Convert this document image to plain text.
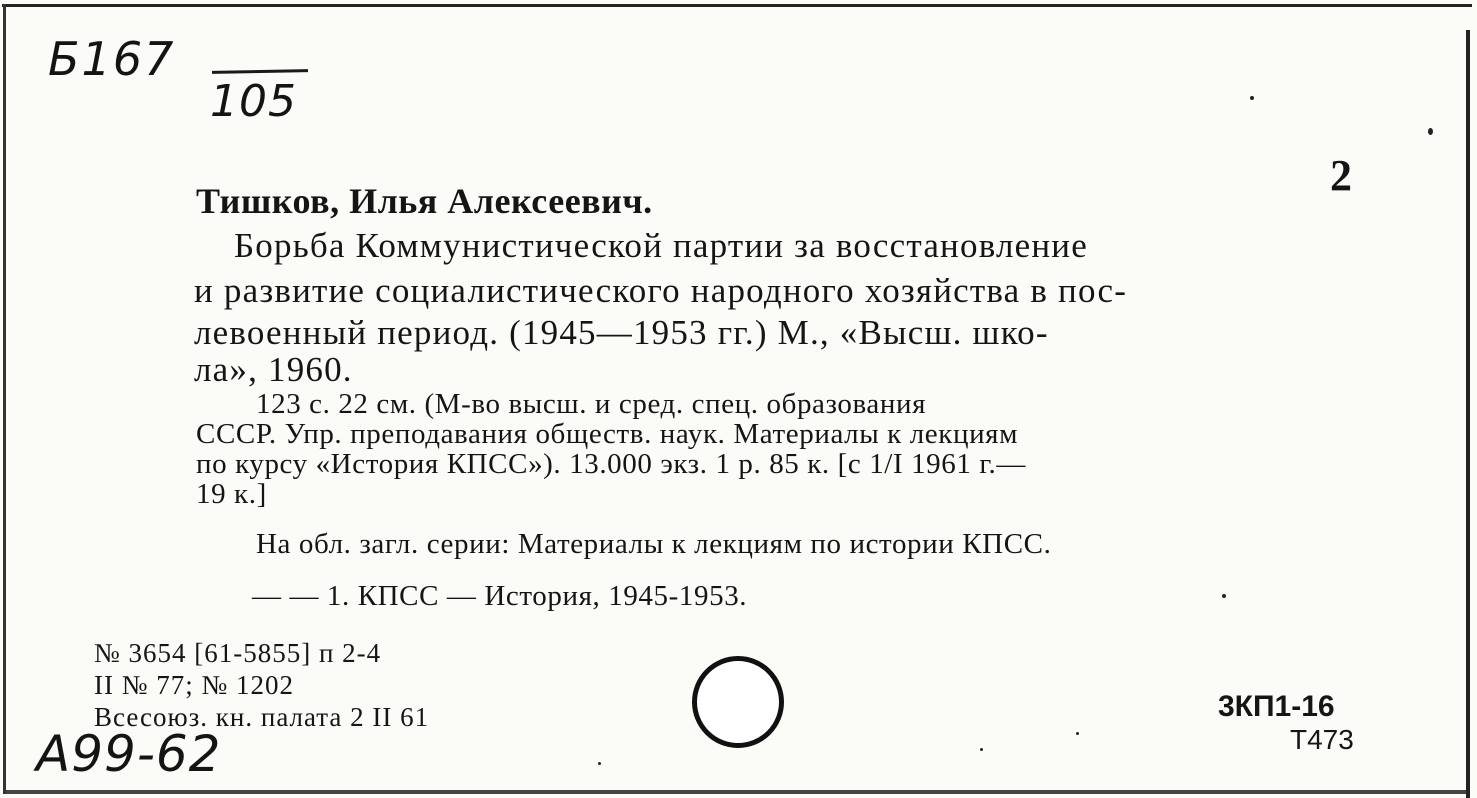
Б167
105
2
Тишков, Илья Алексеевич.
Борьба Коммунистической партии за восстановление
и развитие социалистического народного хозяйства в пос-
левоенный период. (1945—1953 гг.) М., «Высш. шко-
ла», 1960.
123 с. 22 см. (М-во высш. и сред. спец. образования
СССР. Упр. преподавания обществ. наук. Материалы к лекциям
по курсу «История КПСС»). 13.000 экз. 1 р. 85 к. [с 1/I 1961 г.—
19 к.]
На обл. загл. серии: Материалы к лекциям по истории КПСС.
— — 1. КПСС — История, 1945-1953.
№ 3654 [61-5855] п 2-4
II № 77; № 1202
Всесоюз. кн. палата 2 II 61	3КП1-16
Т473
А99-62
